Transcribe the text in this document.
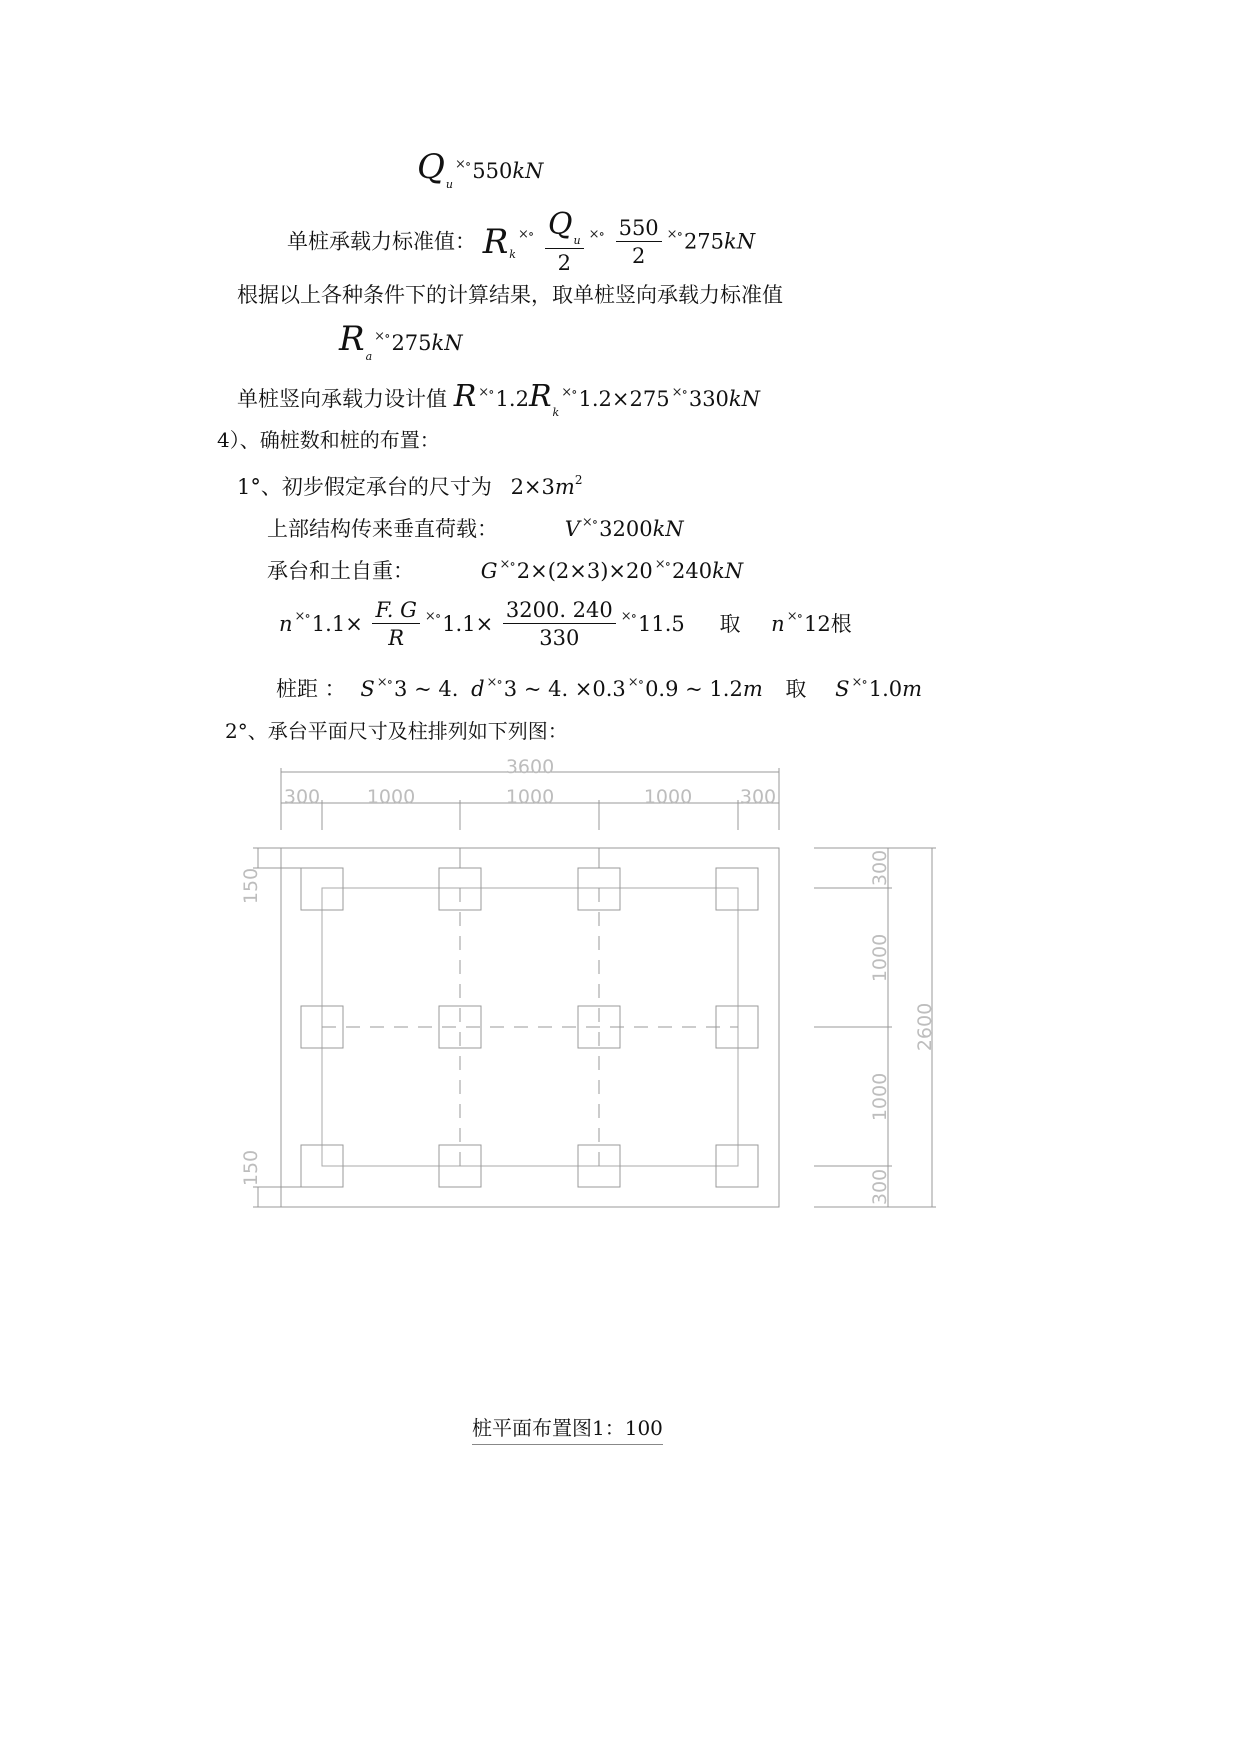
$Q_u^{\times\circ}550kN$
单桩承载力标准值： $R_k^{\times\circ} \frac{Q_u}{2} ^{\times\circ} \frac{550}{2} ^{\times\circ}275kN$
根据以上各种条件下的计算结果，取单桩竖向承载力标准值
$R_a^{\times\circ}275kN$
单桩竖向承载力设计值 R $^{\times\circ}1.2R_k^{\times\circ}1.2\times 275$ ×∘330kN
4）、确桩数和桩的布置：
1°、初步假定承台的尺寸为 $2\times 3m^2$
上部结构传来垂直荷载：	V ×∘3200kN
承台和土自重：	G ×∘2×(2×3)×20 ×∘240kN
n $^{\times\circ}1.1\times \frac{F. G}{R} ^{\times\circ}1.1\times \frac{3200. 240}{330} ^{\times\circ}11.5$ 取 n ×∘12根
桩距 ： S ×∘3 ~ 4. d ×∘3 ~ 4. ×0.3 ×∘0.9 ~ 1.2m 取 S ×∘1.0m
2°、承台平面尺寸及柱排列如下列图：
3600
300 1000	1000	1000	300
150
150
300
1000
1000
300
2600
桩平面布置图1：100
